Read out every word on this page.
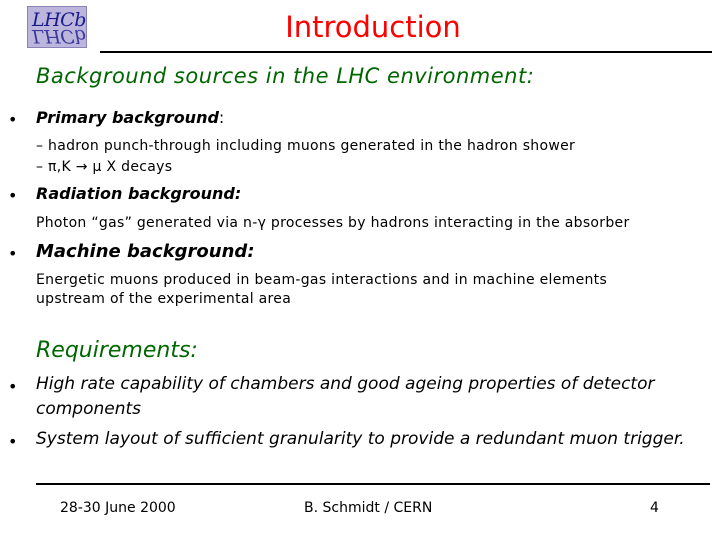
LHCb
LHCb	Introduction
Background sources in the LHC environment:
• Primary background:
– hadron punch-through including muons generated in the hadron shower
– π,K → μ X decays
• Radiation background:
Photon “gas” generated via n-γ processes by hadrons interacting in the absorber
• Machine background:
Energetic muons produced in beam-gas interactions and in machine elements
upstream of the experimental area
Requirements:
• High rate capability of chambers and good ageing properties of detector components
• System layout of sufficient granularity to provide a redundant muon trigger.
28-30 June 2000	B. Schmidt / CERN	4
